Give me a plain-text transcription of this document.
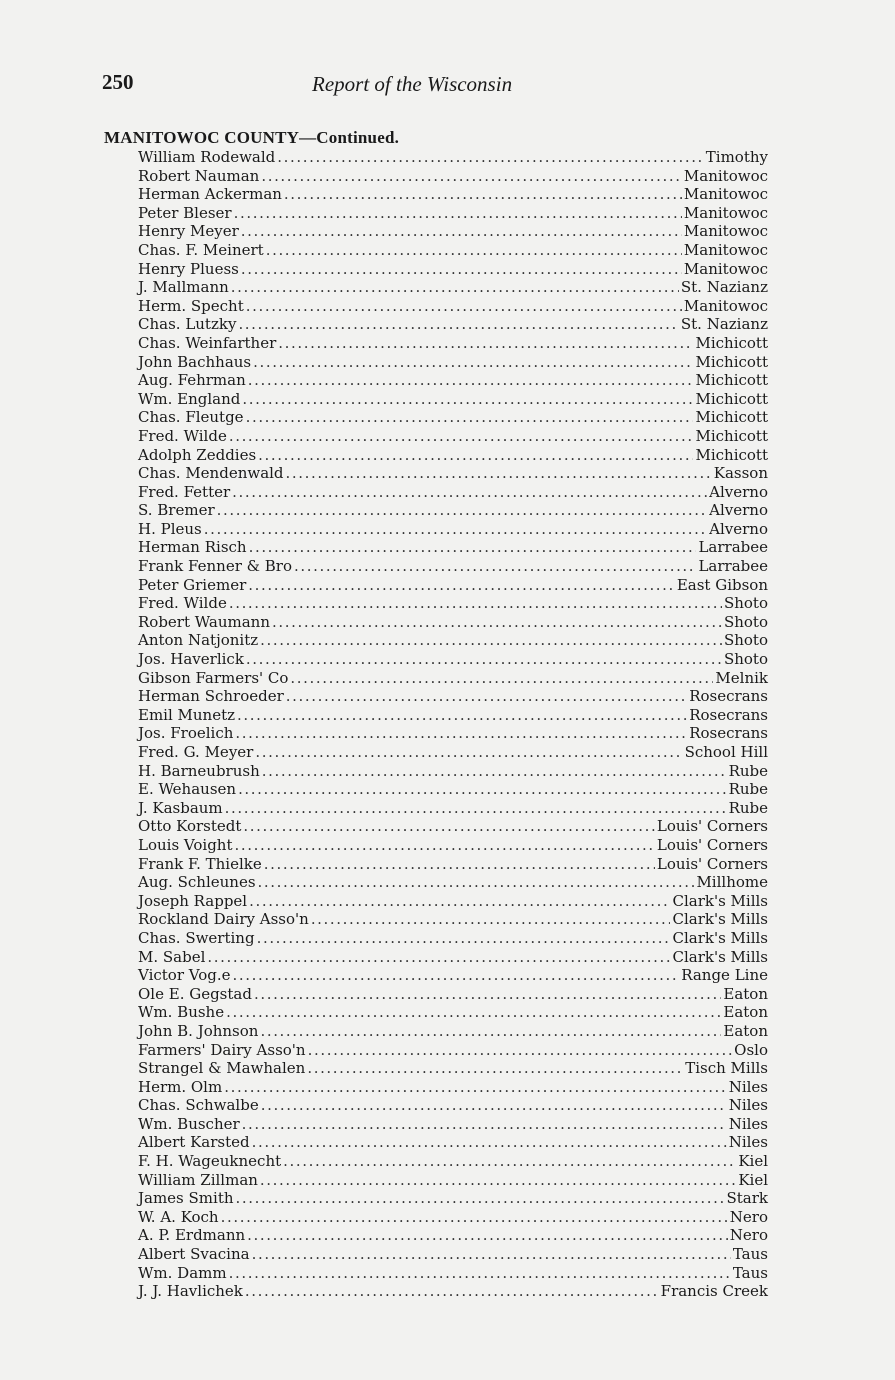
250	Report of the Wisconsin
MANITOWOC COUNTY—Continued.
William Rodewald .....	Timothy
Robert Nauman .....	Manitowoc
Herman Ackerman .....	Manitowoc
Peter Bleser .....	Manitowoc
Henry Meyer .....	Manitowoc
Chas. F. Meinert .....	Manitowoc
Henry Pluess .....	Manitowoc
J. Mallmann .....	St. Nazianz
Herm. Specht .....	Manitowoc
Chas. Lutzky .....	St. Nazianz
Chas. Weinfarther .....	Michicott
John Bachhaus .....	Michicott
Aug. Fehrman .....	Michicott
Wm. England .....	Michicott
Chas. Fleutge .....	Michicott
Fred. Wilde .....	Michicott
Adolph Zeddies .....	Michicott
Chas. Mendenwald .....	Kasson
Fred. Fetter .....	Alverno
S. Bremer .....	Alverno
H. Pleus .....	Alverno
Herman Risch .....	Larrabee
Frank Fenner & Bro .....	Larrabee
Peter Griemer .....	East Gibson
Fred. Wilde .....	Shoto
Robert Waumann .....	Shoto
Anton Natjonitz .....	Shoto
Jos. Haverlick .....	Shoto
Gibson Farmers' Co .....	Melnik
Herman Schroeder .....	Rosecrans
Emil Munetz .....	Rosecrans
Jos. Froelich .....	Rosecrans
Fred. G. Meyer .....	School Hill
H. Barneubrush .....	Rube
E. Wehausen .....	Rube
J. Kasbaum .....	Rube
Otto Korstedt .....	Louis' Corners
Louis Voight .....	Louis' Corners
Frank F. Thielke .....	Louis' Corners
Aug. Schleunes .....	Millhome
Joseph Rappel .....	Clark's Mills
Rockland Dairy Asso'n .....	Clark's Mills
Chas. Swerting .....	Clark's Mills
M. Sabel .....	Clark's Mills
Victor Vog.e .....	Range Line
Ole E. Gegstad .....	Eaton
Wm. Bushe .....	Eaton
John B. Johnson .....	Eaton
Farmers' Dairy Asso'n .....	Oslo
Strangel & Mawhalen .....	Tisch Mills
Herm. Olm .....	Niles
Chas. Schwalbe .....	Niles
Wm. Buscher .....	Niles
Albert Karsted .....	Niles
F. H. Wageuknecht .....	Kiel
William Zillman .....	Kiel
James Smith .....	Stark
W. A. Koch .....	Nero
A. P. Erdmann .....	Nero
Albert Svacina .....	Taus
Wm. Damm .....	Taus
J. J. Havlichek .....	Francis Creek
